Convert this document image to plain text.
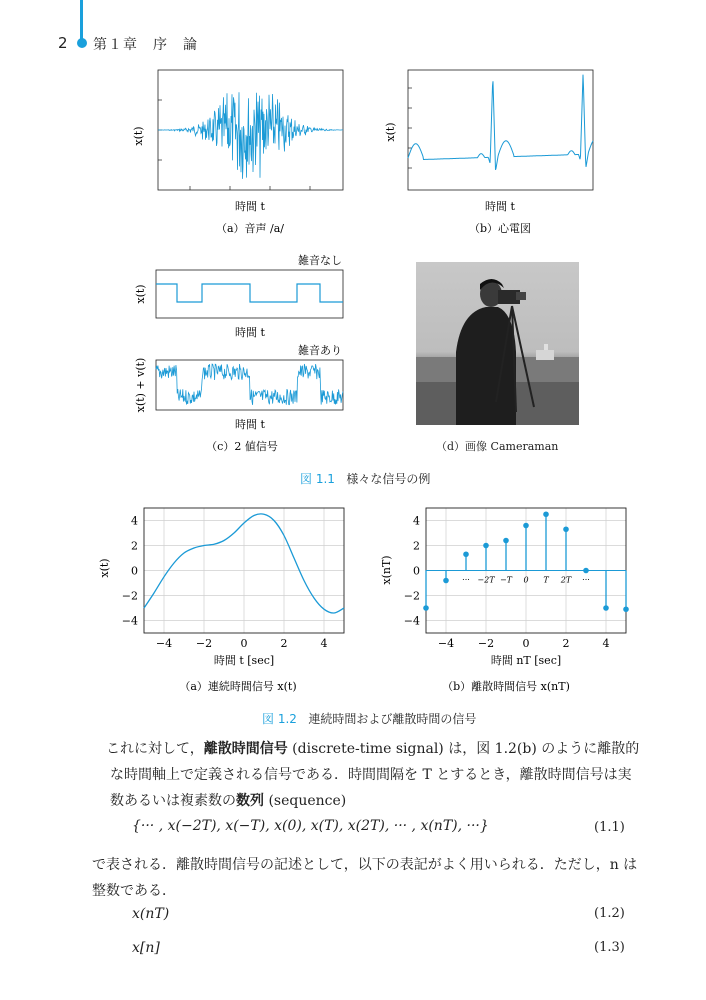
2 第１章　序　論
x(t)
時間 t
（a）音声 /a/
x(t)
時間 t
（b）心電図
雑音なし
x(t)
時間 t
雑音あり
x(t) + v(t)
時間 t
（c）2 値信号	（d）画像 Cameraman
図 1.1 様々な信号の例
−4 −2	0	2	4
−4
−2
0
2
4
x(t)
時間 t [sec]
（a）連続時間信号 x(t)
··· −2T −T 0 T 2T ···
−4 −2	0	2	4
−4
−2
0
2
4
x(nT)
時間 nT [sec]
（b）離散時間信号 x(nT)
図 1.2 連続時間および離散時間の信号
これに対して，離散時間信号 (discrete-time signal) は，図 1.2(b) のように離散的な時間軸上で定義される信号である．時間間隔を T とするとき，離散時間信号は実数あるいは複素数の数列 (sequence)
{··· , x(−2T), x(−T), x(0), x(T), x(2T), ··· , x(nT), ···}	(1.1)
で表される．離散時間信号の記述として，以下の表記がよく用いられる．ただし，n は整数である．
x(nT)	(1.2)
x[n]	(1.3)
